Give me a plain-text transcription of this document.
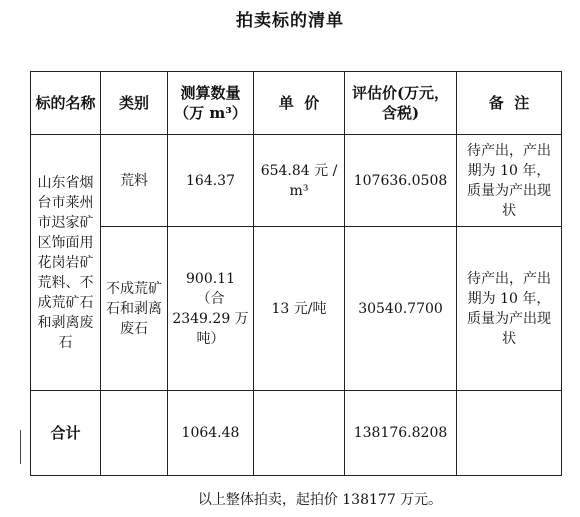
拍卖标的清单
标的名称	类别	测算数量（万 m³）	单  价	评估价(万元，含税)	备  注
山东省烟台市莱州市迟家矿区饰面用花岗岩矿荒料、不成荒矿石和剥离废石	荒料	164.37	654.84 元 / m³	107636.0508	待产出，产出期为 10 年，质量为产出现状
	不成荒矿石和剥离废石	900.11 （合 2349.29 万吨）	13 元/吨	30540.7700	待产出，产出期为 10 年，质量为产出现状
合计		1064.48		138176.8208	
以上整体拍卖，起拍价 138177 万元。
